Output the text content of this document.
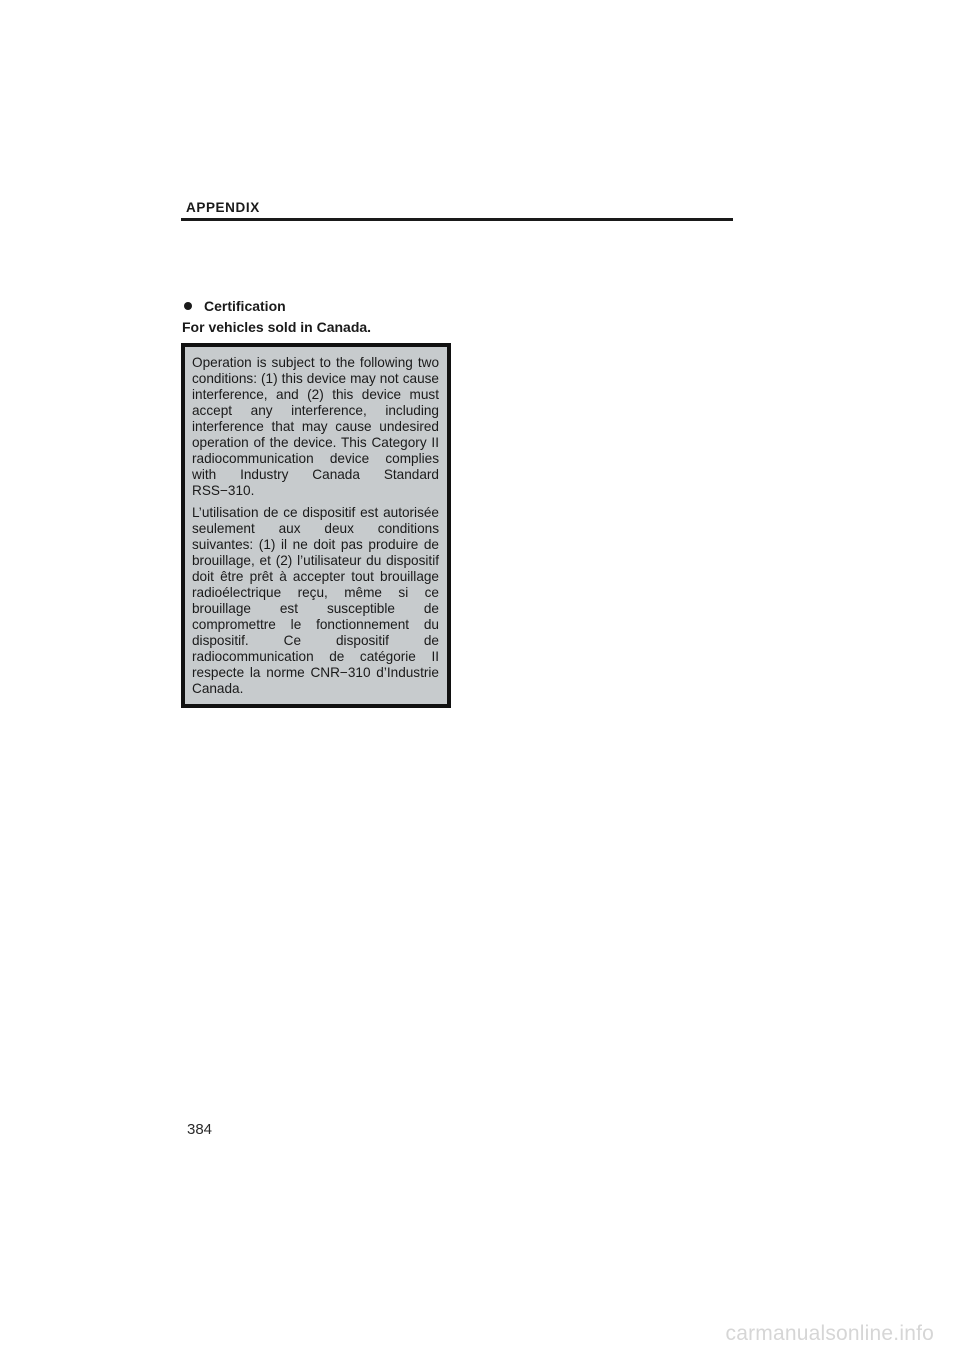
APPENDIX
Certification
For vehicles sold in Canada.

Operation is subject to the following two conditions: (1) this device may not cause interference, and (2) this device must accept any interference, including interference that may cause undesired operation of the device. This Category II radiocommunication device complies with Industry Canada Standard RSS−310.

L’utilisation de ce dispositif est autorisée seulement aux deux conditions suivantes: (1) il ne doit pas produire de brouillage, et (2) l’utilisateur du dispositif doit être prêt à accepter tout brouillage radioélectrique reçu, même si ce brouillage est susceptible de compromettre le fonctionnement du dispositif. Ce dispositif de radiocommunication de catégorie II respecte la norme CNR−310 d’Industrie Canada.

384
carmanualsonline.info
